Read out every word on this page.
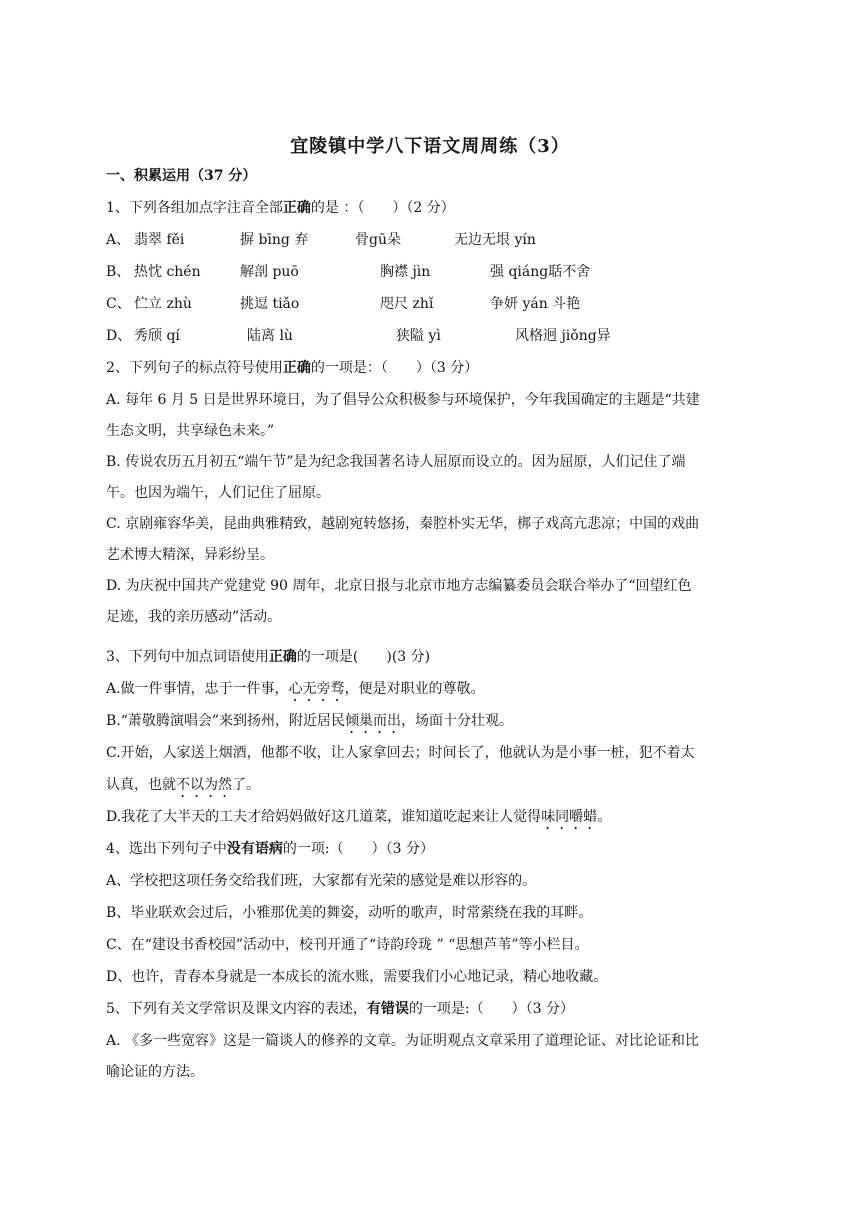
宜陵镇中学八下语文周周练（3）
一、积累运用（37 分）
1、下列各组加点字注音全部正确的是 ：（　　）（2 分）
A、 翡翠 fěi	摒 bīng 弃	骨gū朵	无边无垠 yín
B、 热忱 chén	解剖 puō	胸襟 jìn	强 qiáng聒不舍
C、 伫立 zhù	挑逗 tiǎo	咫尺 zhǐ	争妍 yán 斗艳
D、 秀颀 qí	陆离 lù	狭隘 yì	风格迥 jiǒng异
2、下列句子的标点符号使用正确的一项是：（　　）（3 分）
A. 每年 6 月 5 日是世界环境日，为了倡导公众积极参与环境保护，今年我国确定的主题是“共建
生态文明，共享绿色未来。”
B. 传说农历五月初五“端午节”是为纪念我国著名诗人屈原而设立的。因为屈原，人们记住了端
午。也因为端午，人们记住了屈原。
C. 京剧雍容华美，昆曲典雅精致，越剧宛转悠扬，秦腔朴实无华，梆子戏高亢悲凉；中国的戏曲
艺术博大精深，异彩纷呈。
D. 为庆祝中国共产党建党 90 周年，北京日报与北京市地方志编纂委员会联合举办了“回望红色
足迹，我的亲历感动”活动。
3、下列句中加点词语使用正确的一项是(　　)(3 分)
A.做一件事情，忠于一件事，心无旁骛，便是对职业的尊敬。
B.“萧敬腾演唱会”来到扬州，附近居民倾巢而出，场面十分壮观。
C.开始，人家送上烟酒，他都不收，让人家拿回去；时间长了，他就认为是小事一桩，犯不着太
认真，也就不以为然了。
D.我花了大半天的工夫才给妈妈做好这几道菜，谁知道吃起来让人觉得味同嚼蜡。
4、选出下列句子中没有语病的一项:（　　）（3 分）
A、学校把这项任务交给我们班，大家都有光荣的感觉是难以形容的。
B、毕业联欢会过后，小雅那优美的舞姿，动听的歌声，时常萦绕在我的耳畔。
C、在“建设书香校园”活动中，校刊开通了“诗韵玲珑 ” “思想芦苇”等小栏目。
D、也许，青春本身就是一本成长的流水账，需要我们小心地记录，精心地收藏。
5、下列有关文学常识及课文内容的表述，有错误的一项是:（　　）（3 分）
A. 《多一些宽容》这是一篇谈人的修养的文章。为证明观点文章采用了道理论证、对比论证和比
喻论证的方法。
